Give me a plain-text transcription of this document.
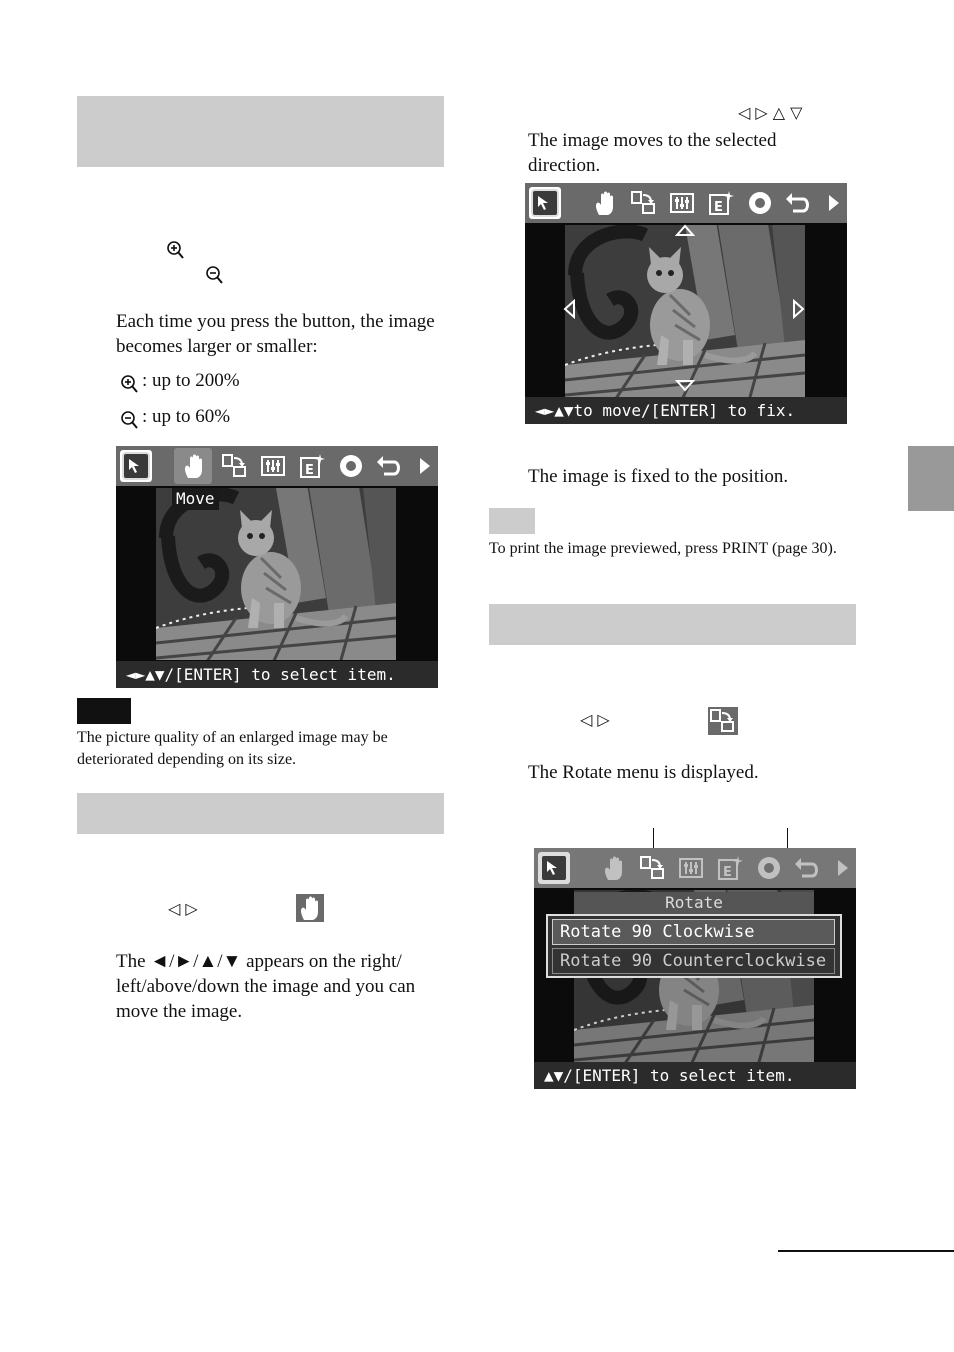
Each time you press the button, the image becomes larger or smaller:
: up to 200%
: up to 60%
Move
◄►▲▼/[ENTER] to select item.
The picture quality of an enlarged image may be deteriorated depending on its size.
◁ ▷
The ◄/►/▲/▼ appears on the right/ left/above/down the image and you can move the image.
◁ ▷ △ ▽
The image moves to the selected direction.
◄►▲▼to move/[ENTER] to fix.
The image is fixed to the position.
To print the image previewed, press PRINT (page 30).
◁ ▷
The Rotate menu is displayed.
Rotate
Rotate 90 Clockwise
Rotate 90 Counterclockwise
▲▼/[ENTER] to select item.
